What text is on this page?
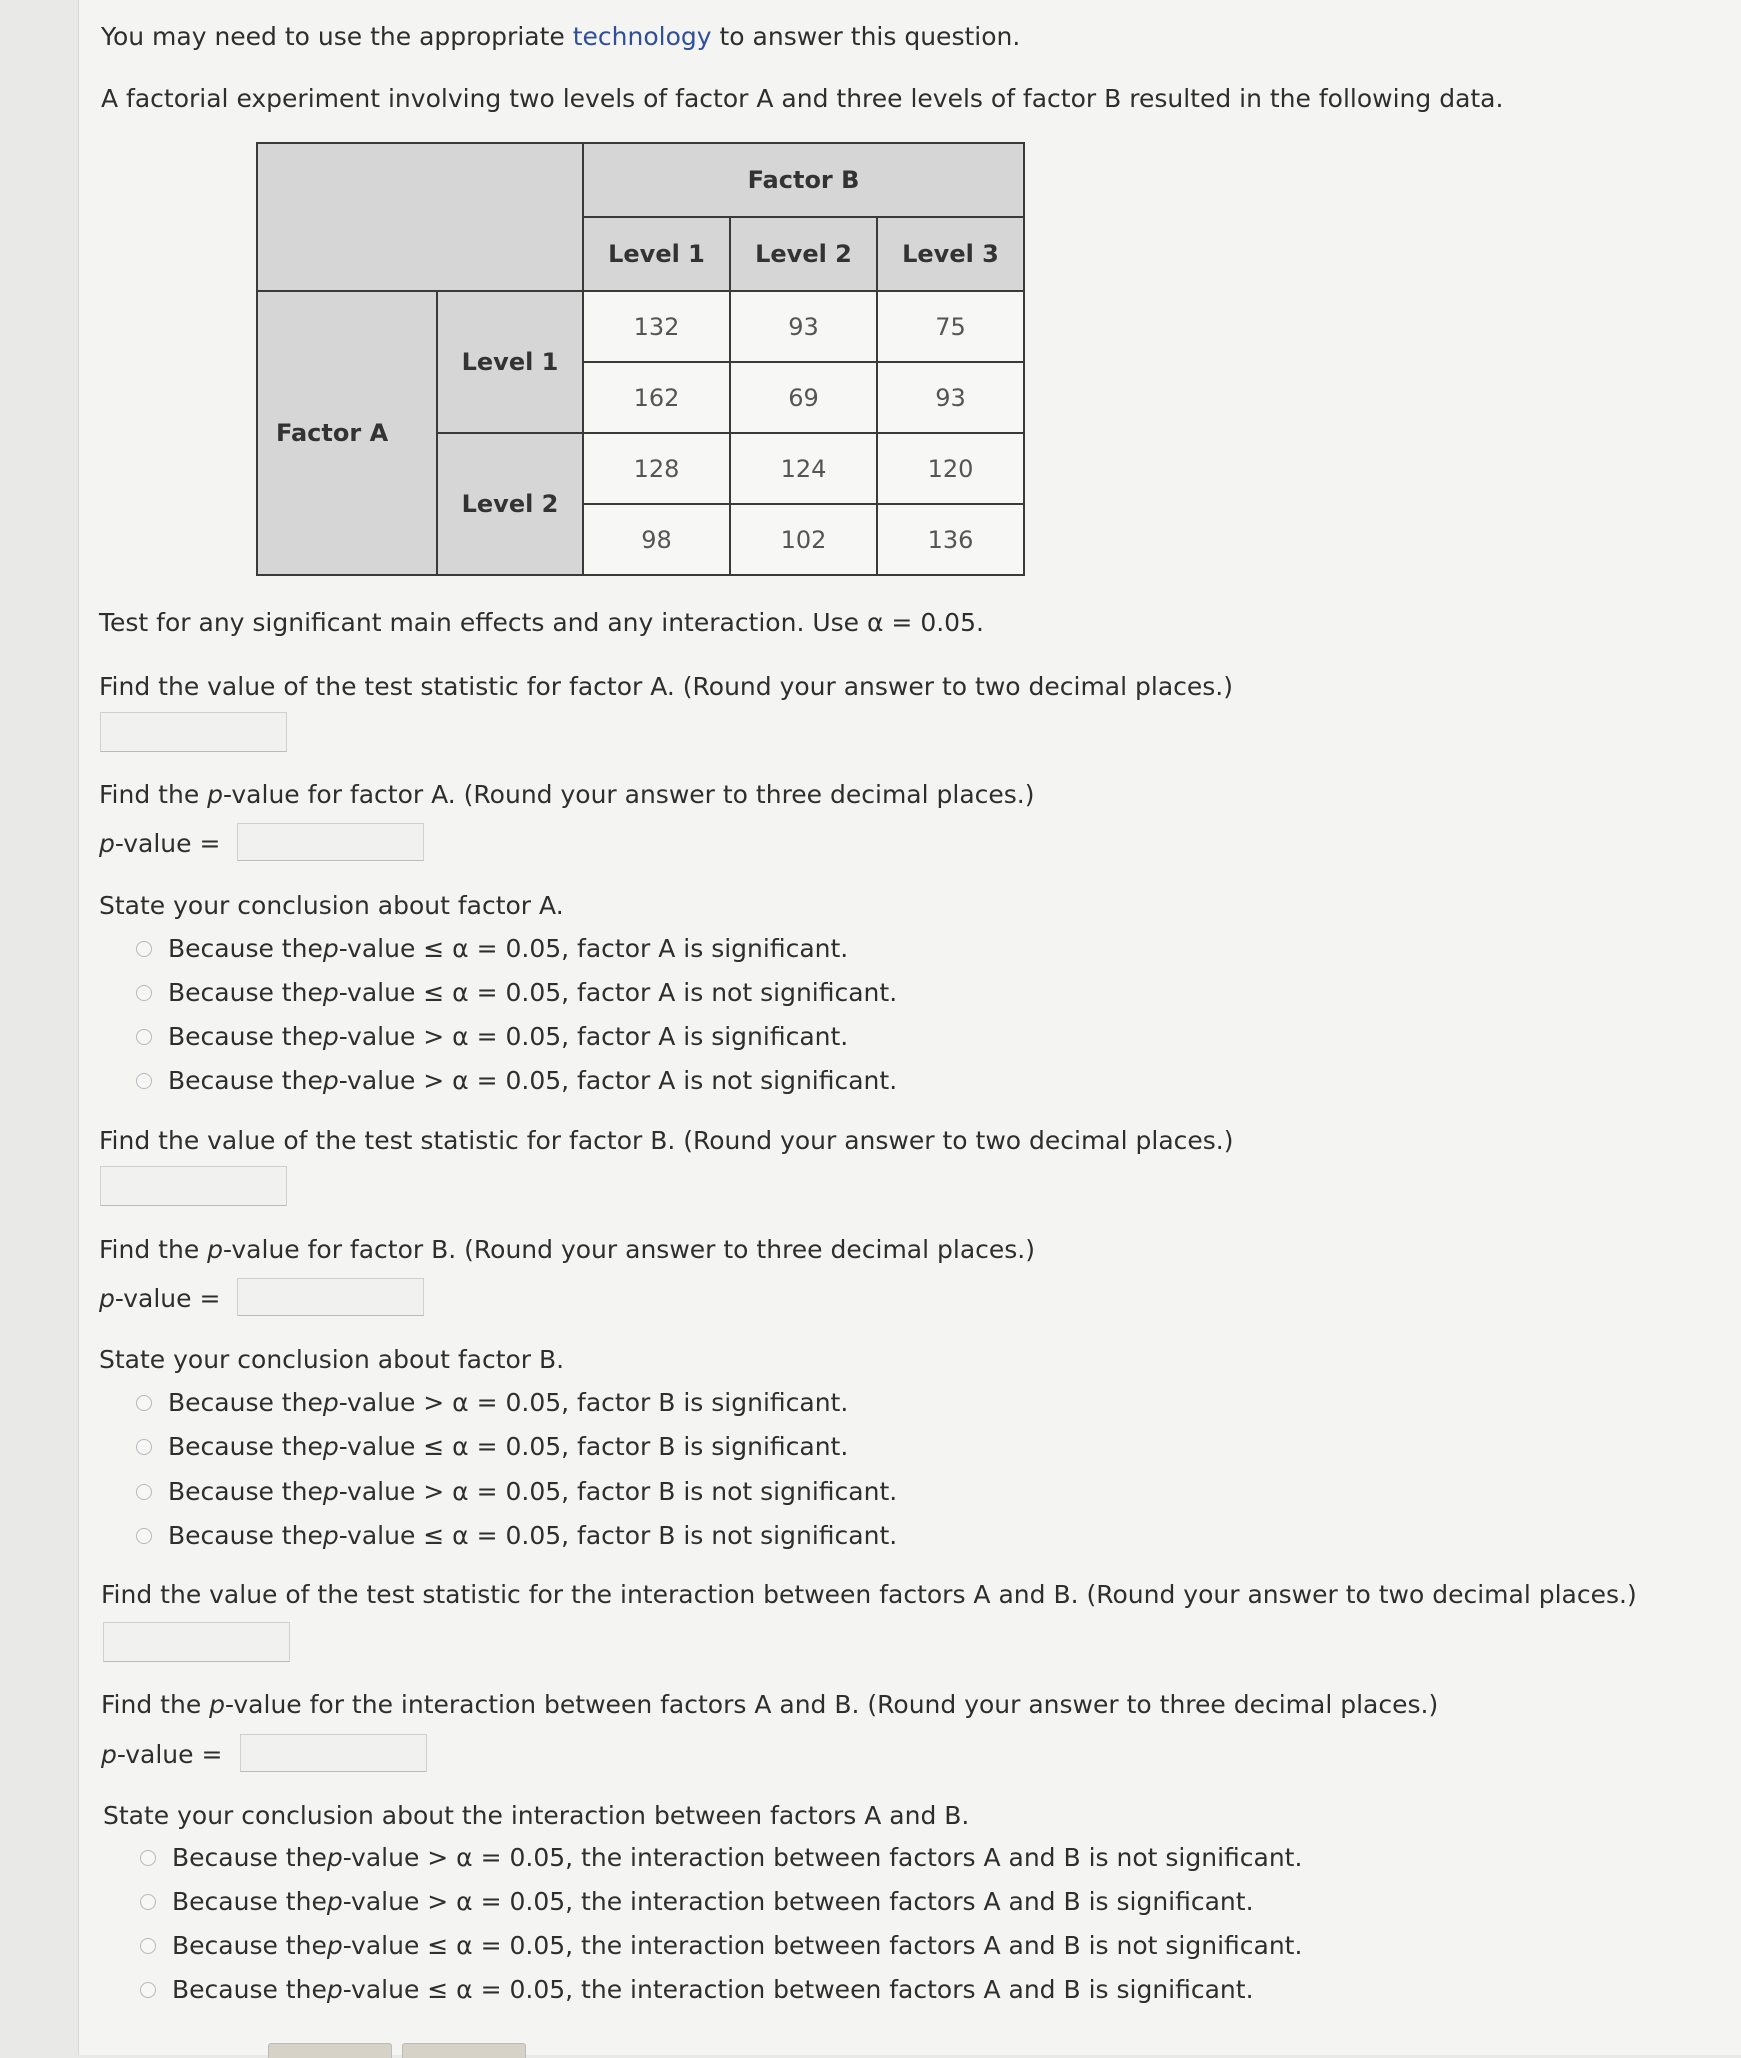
You may need to use the appropriate technology to answer this question.
A factorial experiment involving two levels of factor A and three levels of factor B resulted in the following data.
		Factor B		
		Level 1	Level 2	Level 3
Factor A	Level 1	132	93	75
		162	69	93
	Level 2	128	124	120
		98	102	136
Test for any significant main effects and any interaction. Use α = 0.05.
Find the value of the test statistic for factor A. (Round your answer to two decimal places.)
Find the p-value for factor A. (Round your answer to three decimal places.)
p-value =
State your conclusion about factor A.
Because the p -value ≤ α = 0.05, factor A is significant.
Because the p -value ≤ α = 0.05, factor A is not significant.
Because the p -value > α = 0.05, factor A is significant.
Because the p -value > α = 0.05, factor A is not significant.
Find the value of the test statistic for factor B. (Round your answer to two decimal places.)
Find the p-value for factor B. (Round your answer to three decimal places.)
p-value =
State your conclusion about factor B.
Because the p -value > α = 0.05, factor B is significant.
Because the p -value ≤ α = 0.05, factor B is significant.
Because the p -value > α = 0.05, factor B is not significant.
Because the p -value ≤ α = 0.05, factor B is not significant.
Find the value of the test statistic for the interaction between factors A and B. (Round your answer to two decimal places.)
Find the p-value for the interaction between factors A and B. (Round your answer to three decimal places.)
p-value =
State your conclusion about the interaction between factors A and B.
Because the p -value > α = 0.05, the interaction between factors A and B is not significant.
Because the p -value > α = 0.05, the interaction between factors A and B is significant.
Because the p -value ≤ α = 0.05, the interaction between factors A and B is not significant.
Because the p -value ≤ α = 0.05, the interaction between factors A and B is significant.
